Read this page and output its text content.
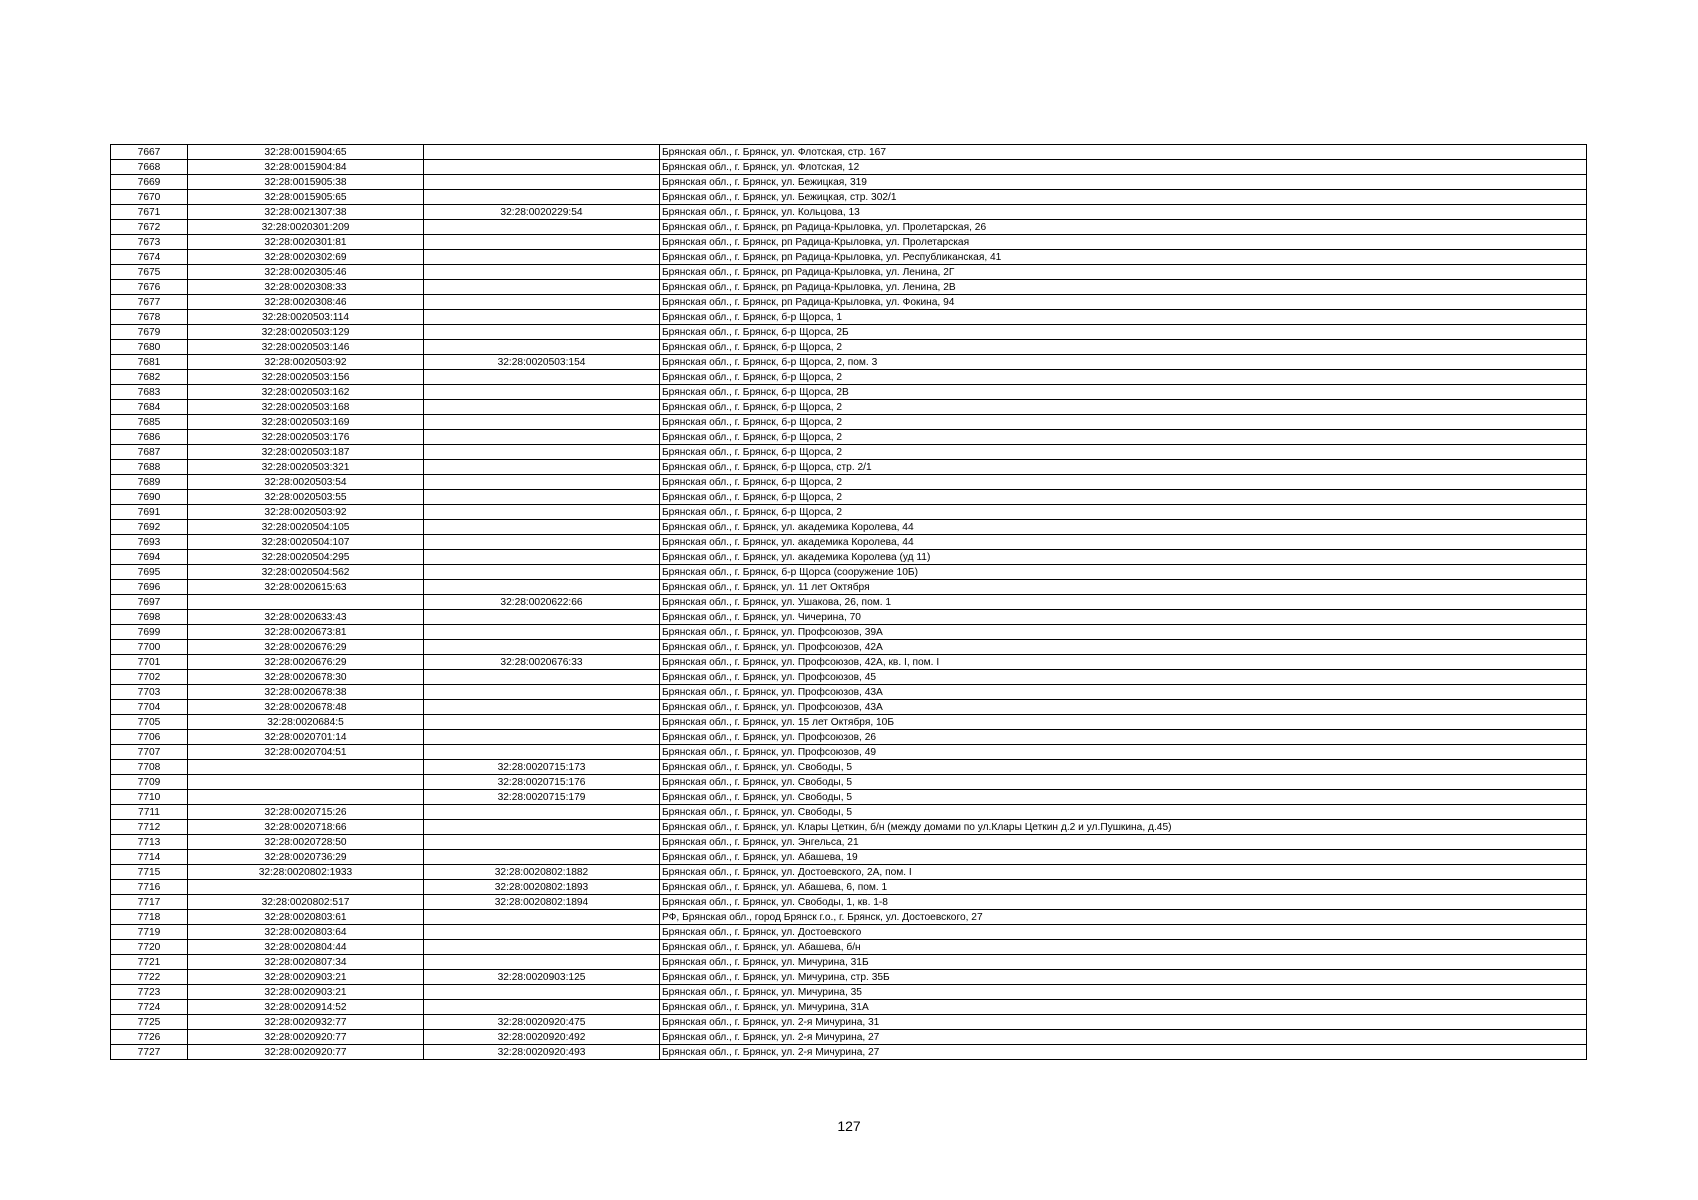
7667	32:28:0015904:65		Брянская обл., г. Брянск, ул. Флотская, стр. 167
7668	32:28:0015904:84		Брянская обл., г. Брянск, ул. Флотская, 12
7669	32:28:0015905:38		Брянская обл., г. Брянск, ул. Бежицкая, 319
7670	32:28:0015905:65		Брянская обл., г. Брянск, ул. Бежицкая, стр. 302/1
7671	32:28:0021307:38	32:28:0020229:54	Брянская обл., г. Брянск, ул. Кольцова, 13
7672	32:28:0020301:209		Брянская обл., г. Брянск, рп Радица-Крыловка, ул. Пролетарская, 26
7673	32:28:0020301:81		Брянская обл., г. Брянск, рп Радица-Крыловка, ул. Пролетарская
7674	32:28:0020302:69		Брянская обл., г. Брянск, рп Радица-Крыловка, ул. Республиканская, 41
7675	32:28:0020305:46		Брянская обл., г. Брянск, рп Радица-Крыловка, ул. Ленина, 2Г
7676	32:28:0020308:33		Брянская обл., г. Брянск, рп Радица-Крыловка, ул. Ленина, 2В
7677	32:28:0020308:46		Брянская обл., г. Брянск, рп Радица-Крыловка, ул. Фокина, 94
7678	32:28:0020503:114		Брянская обл., г. Брянск, б-р Щорса, 1
7679	32:28:0020503:129		Брянская обл., г. Брянск, б-р Щорса, 2Б
7680	32:28:0020503:146		Брянская обл., г. Брянск, б-р Щорса, 2
7681	32:28:0020503:92	32:28:0020503:154	Брянская обл., г. Брянск, б-р Щорса, 2, пом. 3
7682	32:28:0020503:156		Брянская обл., г. Брянск, б-р Щорса, 2
7683	32:28:0020503:162		Брянская обл., г. Брянск, б-р Щорса, 2В
7684	32:28:0020503:168		Брянская обл., г. Брянск, б-р Щорса, 2
7685	32:28:0020503:169		Брянская обл., г. Брянск, б-р Щорса, 2
7686	32:28:0020503:176		Брянская обл., г. Брянск, б-р Щорса, 2
7687	32:28:0020503:187		Брянская обл., г. Брянск, б-р Щорса, 2
7688	32:28:0020503:321		Брянская обл., г. Брянск, б-р Щорса, стр. 2/1
7689	32:28:0020503:54		Брянская обл., г. Брянск, б-р Щорса, 2
7690	32:28:0020503:55		Брянская обл., г. Брянск, б-р Щорса, 2
7691	32:28:0020503:92		Брянская обл., г. Брянск, б-р Щорса, 2
7692	32:28:0020504:105		Брянская обл., г. Брянск, ул. академика Королева, 44
7693	32:28:0020504:107		Брянская обл., г. Брянск, ул. академика Королева, 44
7694	32:28:0020504:295		Брянская обл., г. Брянск, ул. академика Королева (уд 11)
7695	32:28:0020504:562		Брянская обл., г. Брянск, б-р Щорса (сооружение 10Б)
7696	32:28:0020615:63		Брянская обл., г. Брянск, ул. 11 лет Октября
7697		32:28:0020622:66	Брянская обл., г. Брянск, ул. Ушакова, 26, пом. 1
7698	32:28:0020633:43		Брянская обл., г. Брянск, ул. Чичерина, 70
7699	32:28:0020673:81		Брянская обл., г. Брянск, ул. Профсоюзов, 39А
7700	32:28:0020676:29		Брянская обл., г. Брянск, ул. Профсоюзов, 42А
7701	32:28:0020676:29	32:28:0020676:33	Брянская обл., г. Брянск, ул. Профсоюзов, 42А, кв. I, пом. I
7702	32:28:0020678:30		Брянская обл., г. Брянск, ул. Профсоюзов, 45
7703	32:28:0020678:38		Брянская обл., г. Брянск, ул. Профсоюзов, 43А
7704	32:28:0020678:48		Брянская обл., г. Брянск, ул. Профсоюзов, 43А
7705	32:28:0020684:5		Брянская обл., г. Брянск, ул. 15 лет Октября, 10Б
7706	32:28:0020701:14		Брянская обл., г. Брянск, ул. Профсоюзов, 26
7707	32:28:0020704:51		Брянская обл., г. Брянск, ул. Профсоюзов, 49
7708		32:28:0020715:173	Брянская обл., г. Брянск, ул. Свободы, 5
7709		32:28:0020715:176	Брянская обл., г. Брянск, ул. Свободы, 5
7710		32:28:0020715:179	Брянская обл., г. Брянск, ул. Свободы, 5
7711	32:28:0020715:26		Брянская обл., г. Брянск, ул. Свободы, 5
7712	32:28:0020718:66		Брянская обл., г. Брянск, ул. Клары Цеткин, б/н (между домами по ул.Клары Цеткин д.2 и ул.Пушкина, д.45)
7713	32:28:0020728:50		Брянская обл., г. Брянск, ул. Энгельса, 21
7714	32:28:0020736:29		Брянская обл., г. Брянск, ул. Абашева, 19
7715	32:28:0020802:1933	32:28:0020802:1882	Брянская обл., г. Брянск, ул. Достоевского, 2А, пом. I
7716		32:28:0020802:1893	Брянская обл., г. Брянск, ул. Абашева, 6, пом. 1
7717	32:28:0020802:517	32:28:0020802:1894	Брянская обл., г. Брянск, ул. Свободы, 1, кв. 1-8
7718	32:28:0020803:61		РФ, Брянская обл., город Брянск г.о., г. Брянск, ул. Достоевского, 27
7719	32:28:0020803:64		Брянская обл., г. Брянск, ул. Достоевского
7720	32:28:0020804:44		Брянская обл., г. Брянск, ул. Абашева, б/н
7721	32:28:0020807:34		Брянская обл., г. Брянск, ул. Мичурина, 31Б
7722	32:28:0020903:21	32:28:0020903:125	Брянская обл., г. Брянск, ул. Мичурина, стр. 35Б
7723	32:28:0020903:21		Брянская обл., г. Брянск, ул. Мичурина, 35
7724	32:28:0020914:52		Брянская обл., г. Брянск, ул. Мичурина, 31А
7725	32:28:0020932:77	32:28:0020920:475	Брянская обл., г. Брянск, ул. 2-я Мичурина, 31
7726	32:28:0020920:77	32:28:0020920:492	Брянская обл., г. Брянск, ул. 2-я Мичурина, 27
7727	32:28:0020920:77	32:28:0020920:493	Брянская обл., г. Брянск, ул. 2-я Мичурина, 27
127
